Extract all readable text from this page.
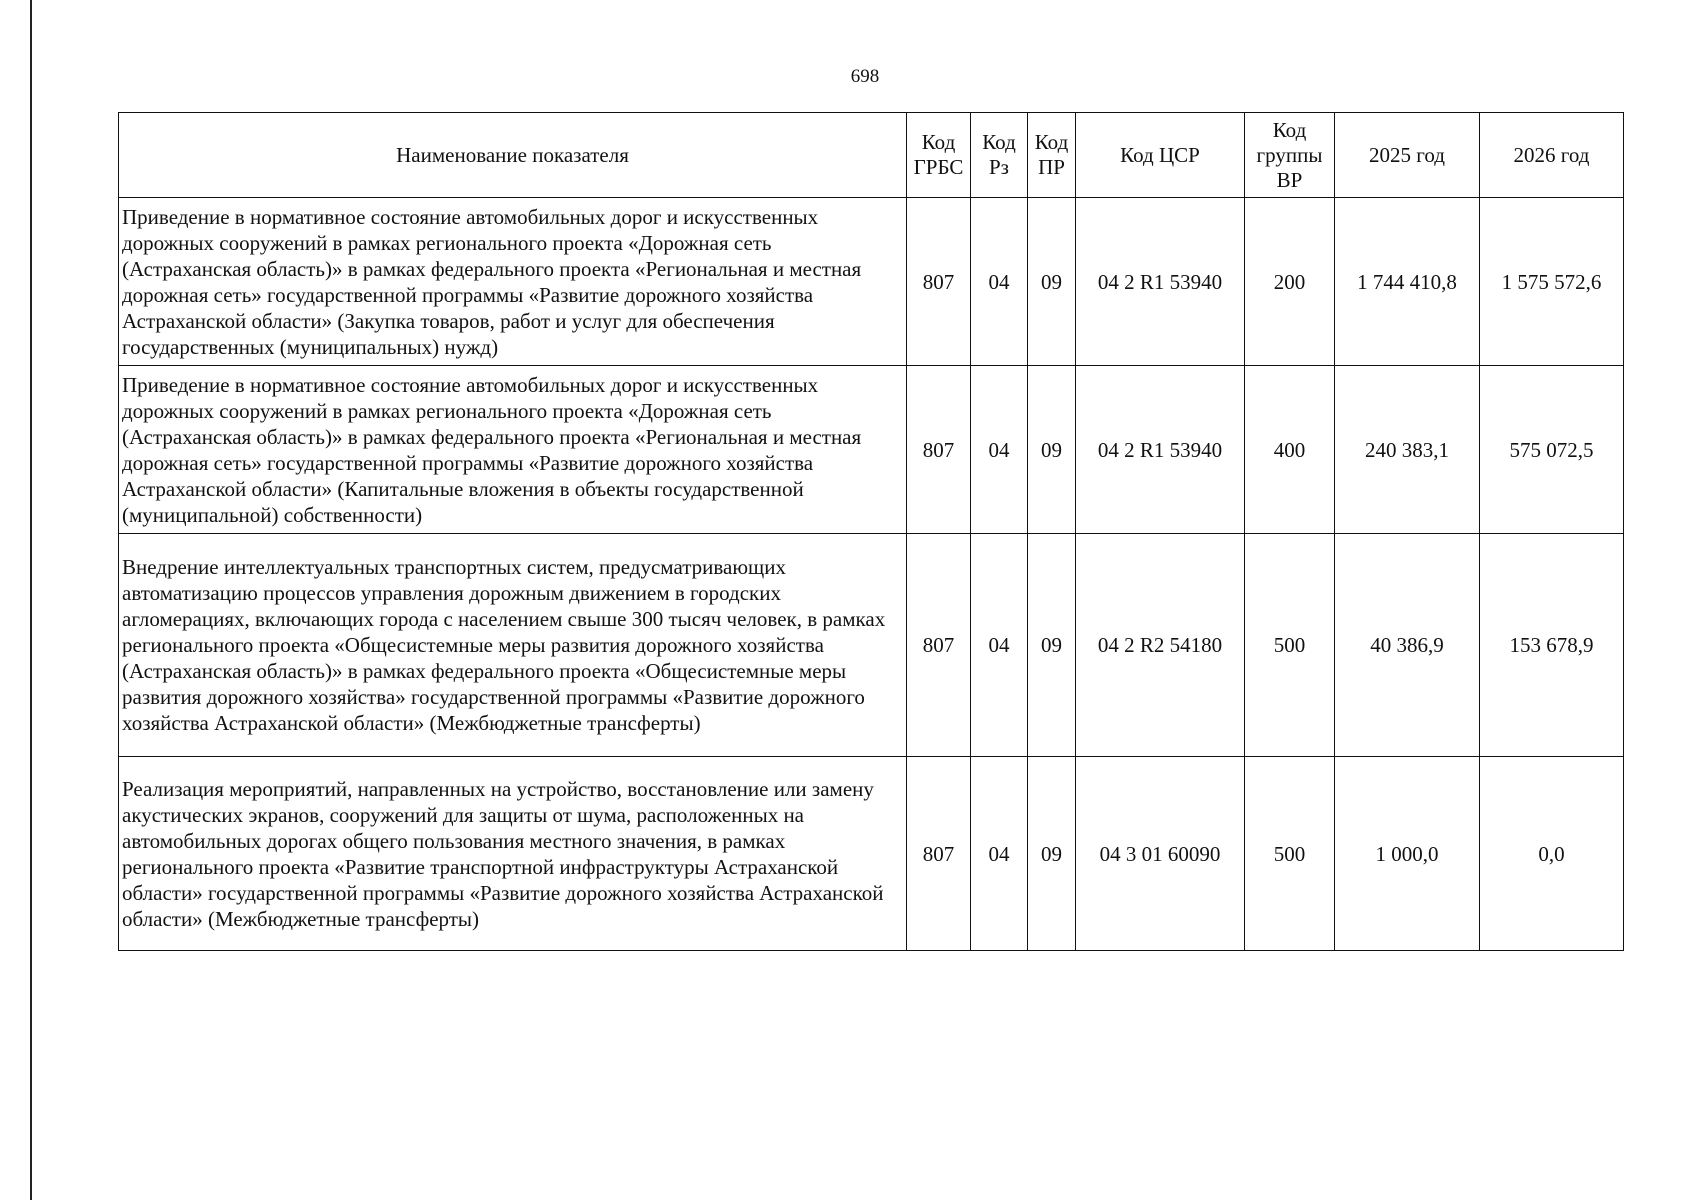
698
Наименование показателя	Код ГРБС	Код Рз	Код ПР	Код ЦСР	Код группы ВР	2025 год	2026 год
Приведение в нормативное состояние автомобильных дорог и искусственных дорожных сооружений в рамках регионального проекта «Дорожная сеть (Астраханская область)» в рамках федерального проекта «Региональная и местная дорожная сеть» государственной программы «Развитие дорожного хозяйства Астраханской области» (Закупка товаров, работ и услуг для обеспечения государственных (муниципальных) нужд)	807	04	09	04 2 R1 53940	200	1 744 410,8	1 575 572,6
Приведение в нормативное состояние автомобильных дорог и искусственных дорожных сооружений в рамках регионального проекта «Дорожная сеть (Астраханская область)» в рамках федерального проекта «Региональная и местная дорожная сеть» государственной программы «Развитие дорожного хозяйства Астраханской области» (Капитальные вложения в объекты государственной (муниципальной) собственности)	807	04	09	04 2 R1 53940	400	240 383,1	575 072,5
Внедрение интеллектуальных транспортных систем, предусматривающих автоматизацию процессов управления дорожным движением в городских агломерациях, включающих города с населением свыше 300 тысяч человек, в рамках регионального проекта «Общесистемные меры развития дорожного хозяйства (Астраханская область)» в рамках федерального проекта «Общесистемные меры развития дорожного хозяйства» государственной программы «Развитие дорожного хозяйства Астраханской области» (Межбюджетные трансферты)	807	04	09	04 2 R2 54180	500	40 386,9	153 678,9
Реализация мероприятий, направленных на устройство, восстановление или замену акустических экранов, сооружений для защиты от шума, расположенных на автомобильных дорогах общего пользования местного значения, в рамках регионального проекта «Развитие транспортной инфраструктуры Астраханской области» государственной программы «Развитие дорожного хозяйства Астраханской области» (Межбюджетные трансферты)	807	04	09	04 3 01 60090	500	1 000,0	0,0
